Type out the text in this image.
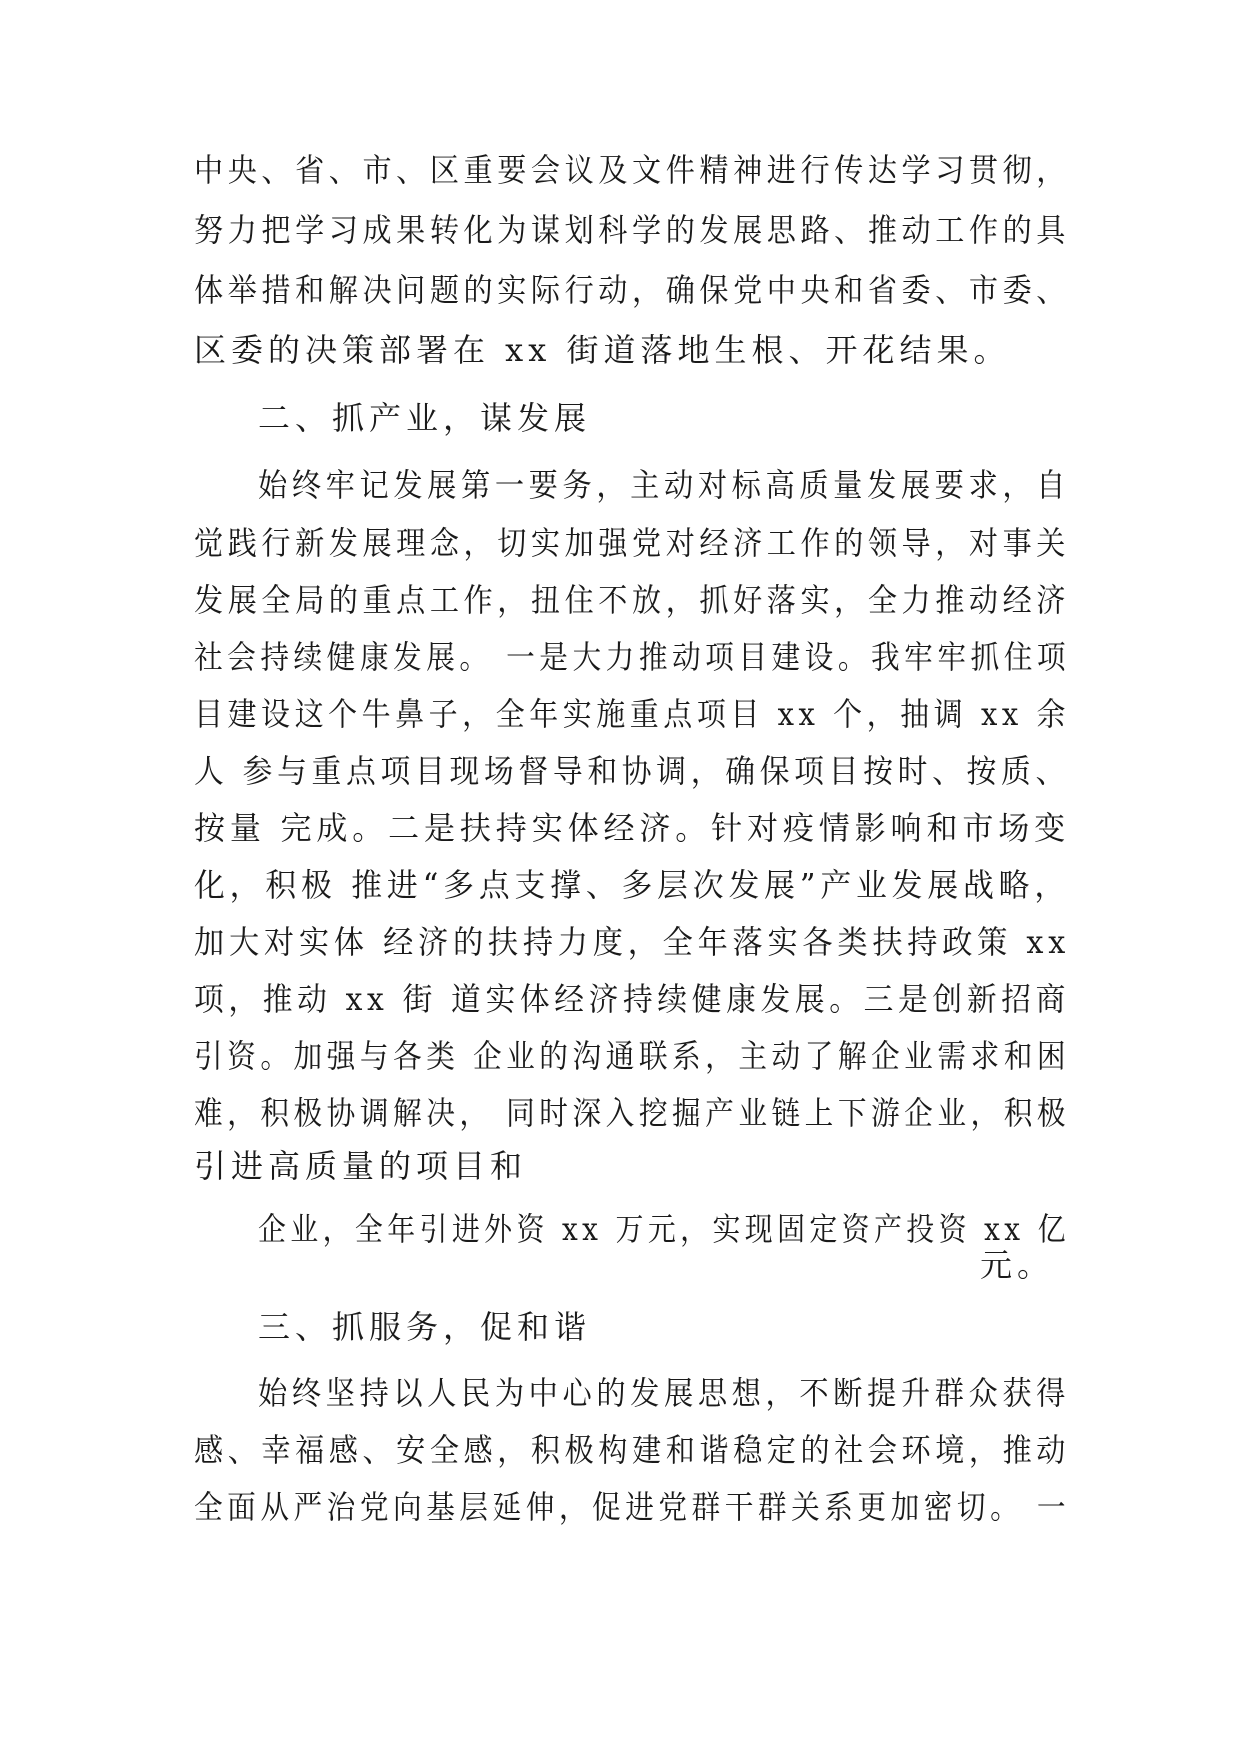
中央、省、市、区重要会议及文件精神进行传达学习贯彻，
努力把学习成果转化为谋划科学的发展思路、推动工作的具
体举措和解决问题的实际行动，确保党中央和省委、市委、
区委的决策部署在 xx 街道落地生根、开花结果。
二、抓产业，谋发展
始终牢记发展第一要务，主动对标高质量发展要求，自
觉践行新发展理念，切实加强党对经济工作的领导，对事关
发展全局的重点工作，扭住不放，抓好落实，全力推动经济
社会持续健康发展。 一是大力推动项目建设。我牢牢抓住项
目建设这个牛鼻子，全年实施重点项目 xx 个，抽调 xx 余
人 参与重点项目现场督导和协调，确保项目按时、按质、
按量 完成。二是扶持实体经济。针对疫情影响和市场变
化，积极 推进“多点支撑、多层次发展”产业发展战略，
加大对实体 经济的扶持力度，全年落实各类扶持政策 xx
项，推动 xx 街 道实体经济持续健康发展。三是创新招商
引资。加强与各类 企业的沟通联系，主动了解企业需求和困
难，积极协调解决， 同时深入挖掘产业链上下游企业，积极
引进高质量的项目和
企业，全年引进外资 xx 万元，实现固定资产投资 xx 亿
元。
三、抓服务，促和谐
始终坚持以人民为中心的发展思想，不断提升群众获得
感、幸福感、安全感，积极构建和谐稳定的社会环境，推动
全面从严治党向基层延伸，促进党群干群关系更加密切。 一
